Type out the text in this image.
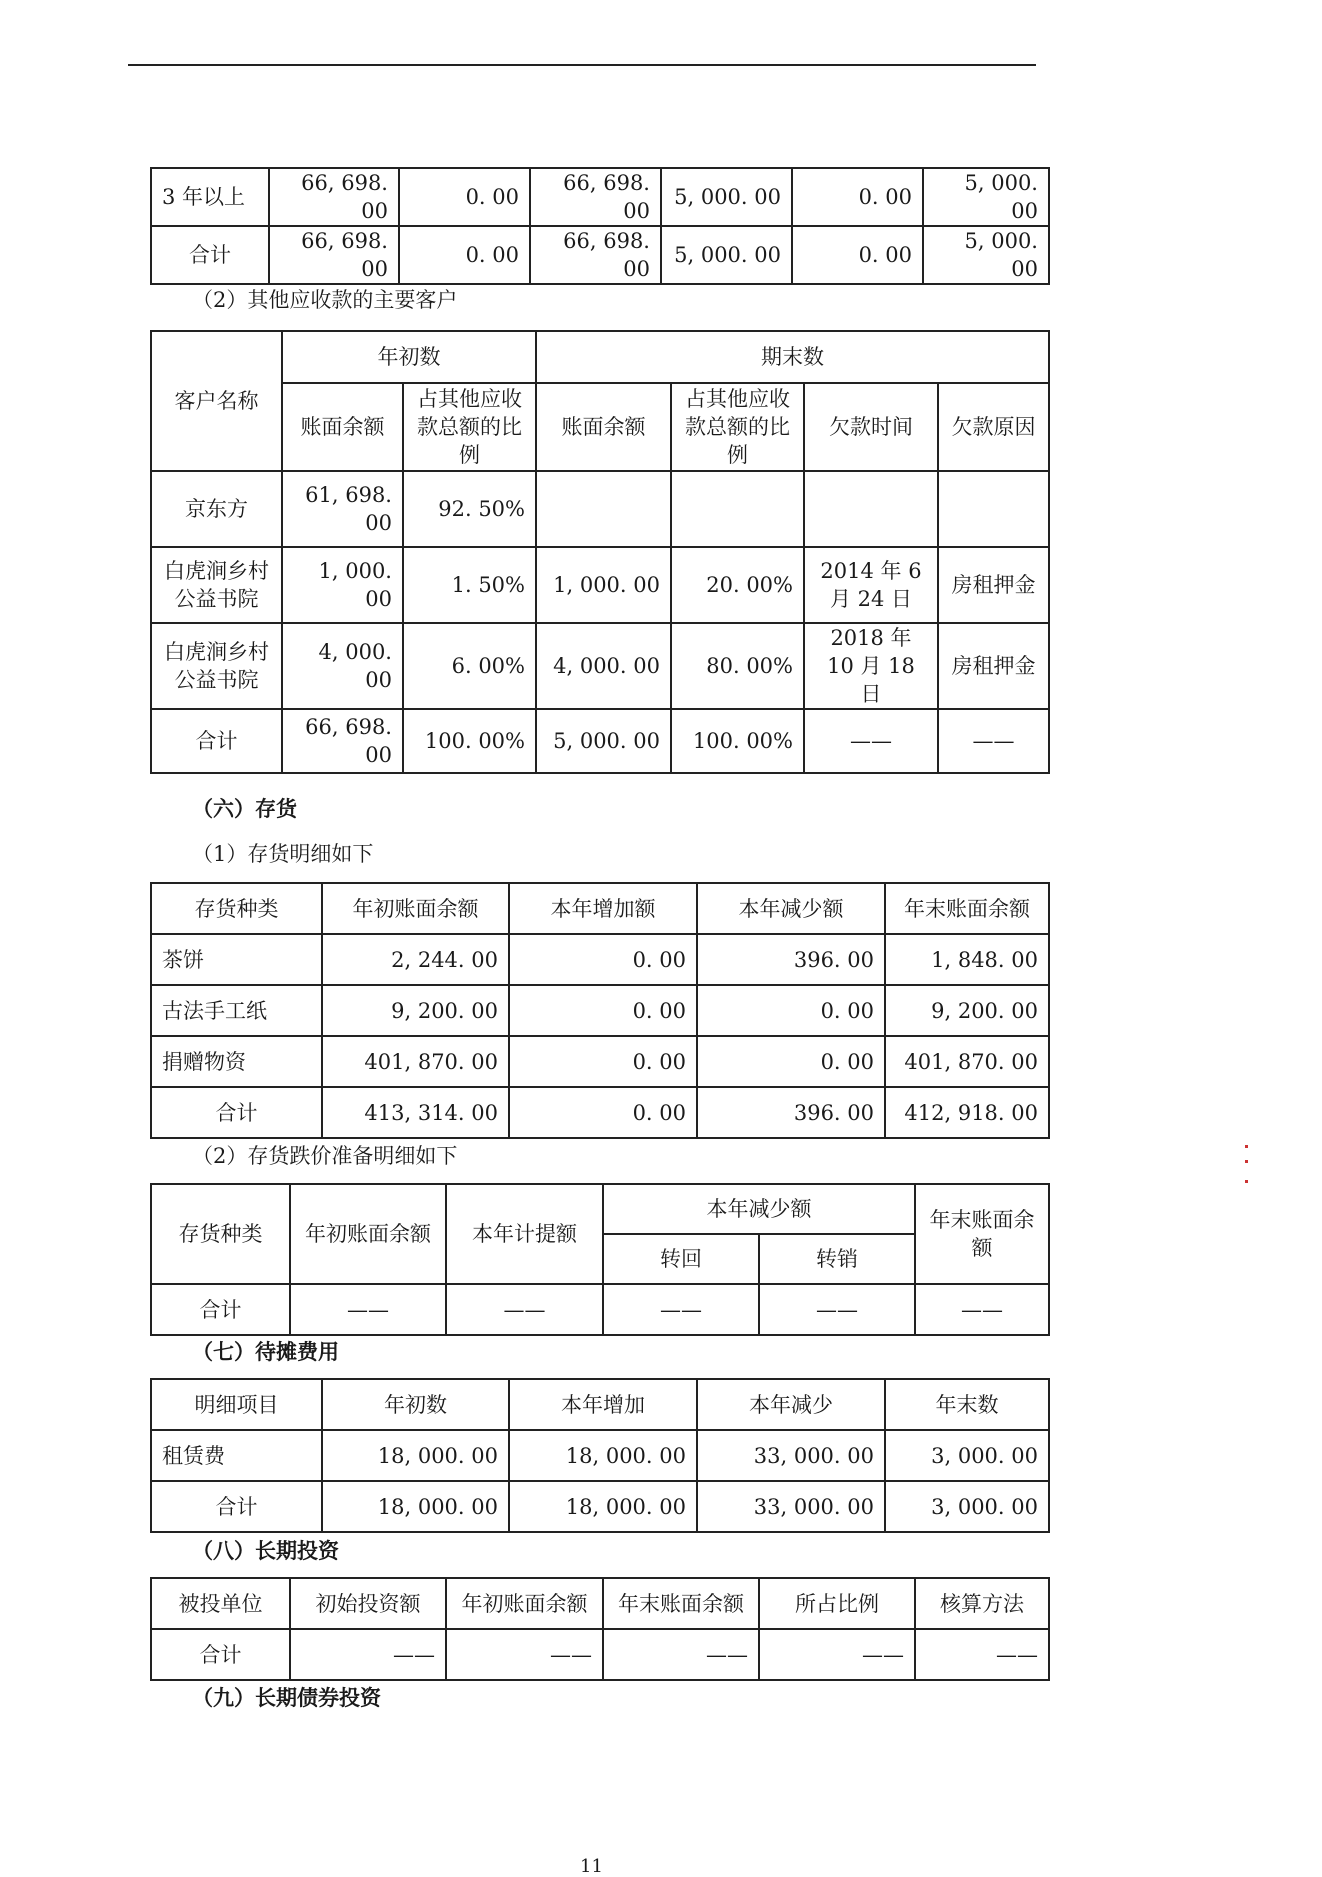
3 年以上	66, 698. 00	0. 00	66, 698. 00	5, 000. 00	0. 00	5, 000. 00
合计	66, 698. 00	0. 00	66, 698. 00	5, 000. 00	0. 00	5, 000. 00
（2）其他应收款的主要客户
客户名称	年初数		期末数			
	账面余额	占其他应收款总额的比例	账面余额	占其他应收款总额的比例	欠款时间	欠款原因
京东方	61, 698. 00	92. 50%				
白虎涧乡村公益书院	1, 000. 00	1. 50%	1, 000. 00	20. 00%	2014 年 6 月 24 日	房租押金
白虎涧乡村公益书院	4, 000. 00	6. 00%	4, 000. 00	80. 00%	2018 年 10 月 18 日	房租押金
合计	66, 698. 00	100. 00%	5, 000. 00	100. 00%	——	——
（六）存货
（1）存货明细如下
存货种类	年初账面余额	本年增加额	本年减少额	年末账面余额
茶饼	2, 244. 00	0. 00	396. 00	1, 848. 00
古法手工纸	9, 200. 00	0. 00	0. 00	9, 200. 00
捐赠物资	401, 870. 00	0. 00	0. 00	401, 870. 00
合计	413, 314. 00	0. 00	396. 00	412, 918. 00
（2）存货跌价准备明细如下
存货种类	年初账面余额	本年计提额	本年减少额		年末账面余额
			转回	转销	
合计	——	——	——	——	——
（七）待摊费用
明细项目	年初数	本年增加	本年减少	年末数
租赁费	18, 000. 00	18, 000. 00	33, 000. 00	3, 000. 00
合计	18, 000. 00	18, 000. 00	33, 000. 00	3, 000. 00
（八）长期投资
被投单位	初始投资额	年初账面余额	年末账面余额	所占比例	核算方法
合计	——	——	——	——	——
（九）长期债券投资
11
